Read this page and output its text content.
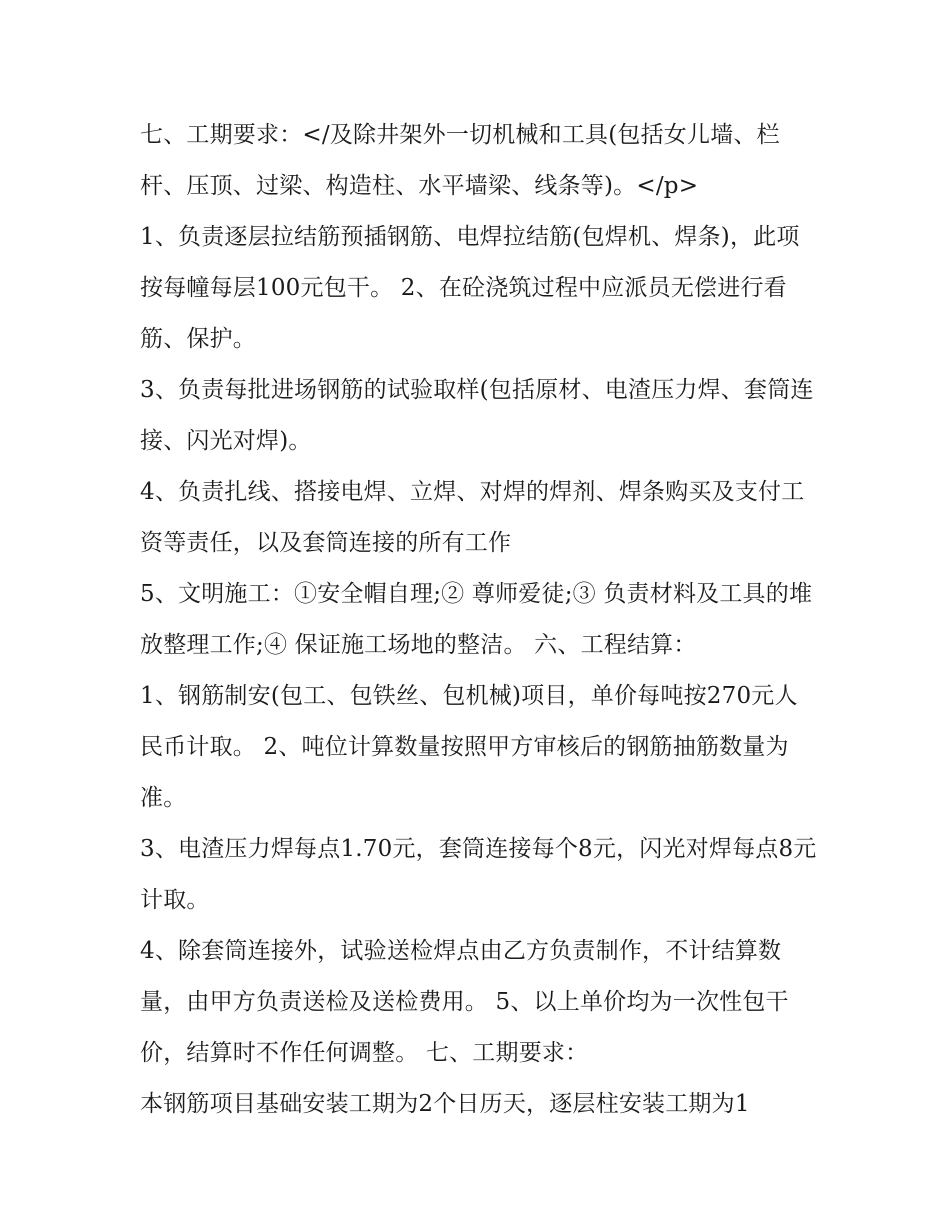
七、工期要求：</及除井架外一切机械和工具(包括女儿墙、栏杆、压顶、过梁、构造柱、水平墙梁、线条等)。</p>

1、负责逐层拉结筋预插钢筋、电焊拉结筋(包焊机、焊条)，此项按每幢每层100元包干。 2、在砼浇筑过程中应派员无偿进行看筋、保护。

3、负责每批进场钢筋的试验取样(包括原材、电渣压力焊、套筒连接、闪光对焊)。

4、负责扎线、搭接电焊、立焊、对焊的焊剂、焊条购买及支付工资等责任，以及套筒连接的所有工作

5、文明施工：①安全帽自理;② 尊师爱徒;③ 负责材料及工具的堆放整理工作;④ 保证施工场地的整洁。 六、工程结算：

1、钢筋制安(包工、包铁丝、包机械)项目，单价每吨按270元人民币计取。 2、吨位计算数量按照甲方审核后的钢筋抽筋数量为准。

3、电渣压力焊每点1.70元，套筒连接每个8元，闪光对焊每点8元计取。

4、除套筒连接外，试验送检焊点由乙方负责制作，不计结算数量，由甲方负责送检及送检费用。 5、以上单价均为一次性包干价，结算时不作任何调整。 七、工期要求：

本钢筋项目基础安装工期为2个日历天，逐层柱安装工期为1
